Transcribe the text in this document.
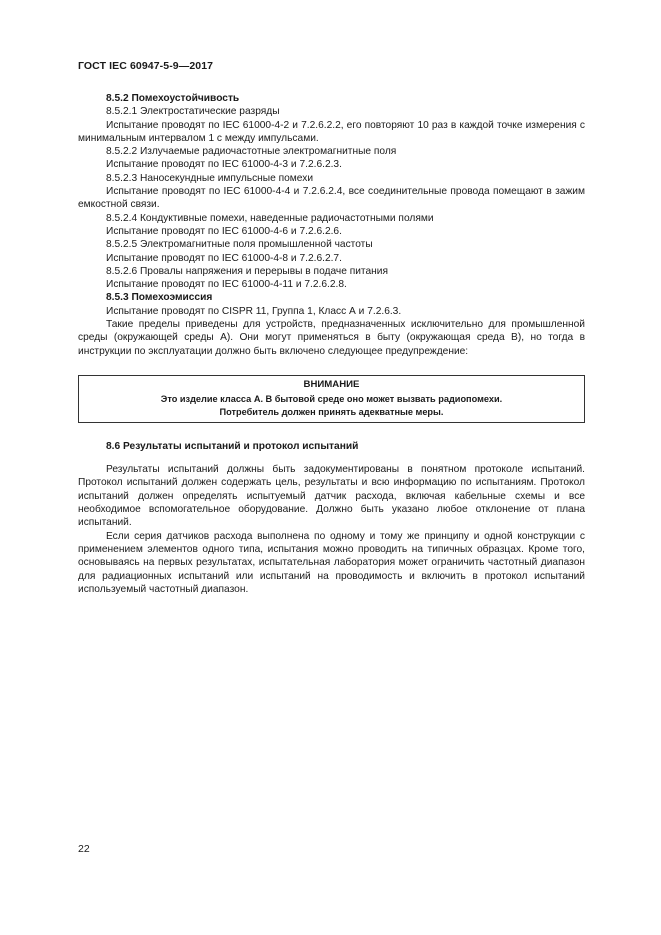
ГОСТ IEC 60947-5-9—2017

8.5.2 Помехоустойчивость

8.5.2.1 Электростатические разряды

Испытание проводят по IEC 61000-4-2 и 7.2.6.2.2, его повторяют 10 раз в каждой точке измерения с минимальным интервалом 1 с между импульсами.

8.5.2.2 Излучаемые радиочастотные электромагнитные поля

Испытание проводят по IEC 61000-4-3 и 7.2.6.2.3.

8.5.2.3 Наносекундные импульсные помехи

Испытание проводят по IEC 61000-4-4 и 7.2.6.2.4, все соединительные провода помещают в зажим емкостной связи.

8.5.2.4 Кондуктивные помехи, наведенные радиочастотными полями

Испытание проводят по IEC 61000-4-6 и 7.2.6.2.6.

8.5.2.5 Электромагнитные поля промышленной частоты

Испытание проводят по IEC 61000-4-8 и 7.2.6.2.7.

8.5.2.6 Провалы напряжения и перерывы в подаче питания

Испытание проводят по IEC 61000-4-11 и 7.2.6.2.8.

8.5.3 Помехоэмиссия

Испытание проводят по CISPR 11, Группа 1, Класс А и 7.2.6.3.

Такие пределы приведены для устройств, предназначенных исключительно для промышленной среды (окружающей среды А). Они могут применяться в быту (окружающая среда В), но тогда в инструкции по эксплуатации должно быть включено следующее предупреждение:

ВНИМАНИЕ
Это изделие класса А. В бытовой среде оно может вызвать радиопомехи.
Потребитель должен принять адекватные меры.

8.6 Результаты испытаний и протокол испытаний

Результаты испытаний должны быть задокументированы в понятном протоколе испытаний. Протокол испытаний должен содержать цель, результаты и всю информацию по испытаниям. Протокол испытаний должен определять испытуемый датчик расхода, включая кабельные схемы и все необходимое вспомогательное оборудование. Должно быть указано любое отклонение от плана испытаний.

Если серия датчиков расхода выполнена по одному и тому же принципу и одной конструкции с применением элементов одного типа, испытания можно проводить на типичных образцах. Кроме того, основываясь на первых результатах, испытательная лаборатория может ограничить частотный диапазон для радиационных испытаний или испытаний на проводимость и включить в протокол испытаний используемый частотный диапазон.

22
